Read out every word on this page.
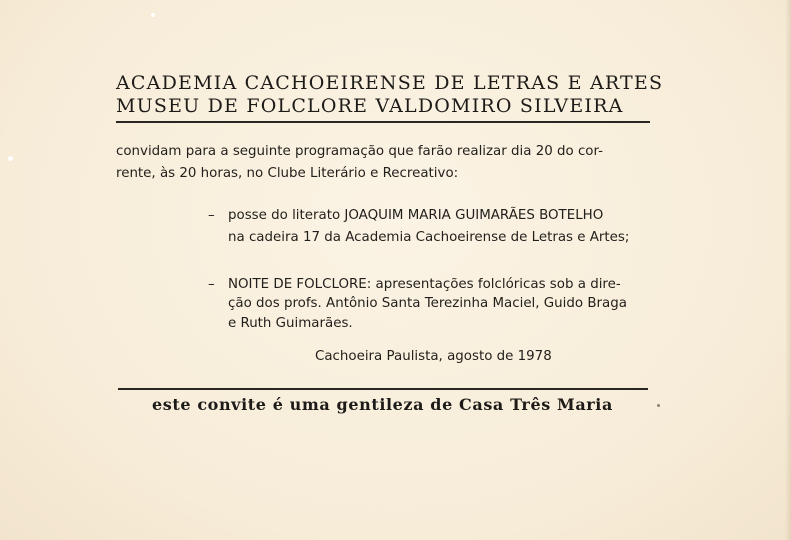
ACADEMIA CACHOEIRENSE DE LETRAS E ARTES
MUSEU DE FOLCLORE VALDOMIRO SILVEIRA
convidam para a seguinte programação que farão realizar dia 20 do cor-
rente, às 20 horas, no Clube Literário e Recreativo:
– posse do literato JOAQUIM MARIA GUIMARÃES BOTELHO
na cadeira 17 da Academia Cachoeirense de Letras e Artes;
– NOITE DE FOLCLORE: apresentações folclóricas sob a dire-
ção dos profs. Antônio Santa Terezinha Maciel, Guido Braga
e Ruth Guimarães.
Cachoeira Paulista, agosto de 1978
este convite é uma gentileza de Casa Três Maria
